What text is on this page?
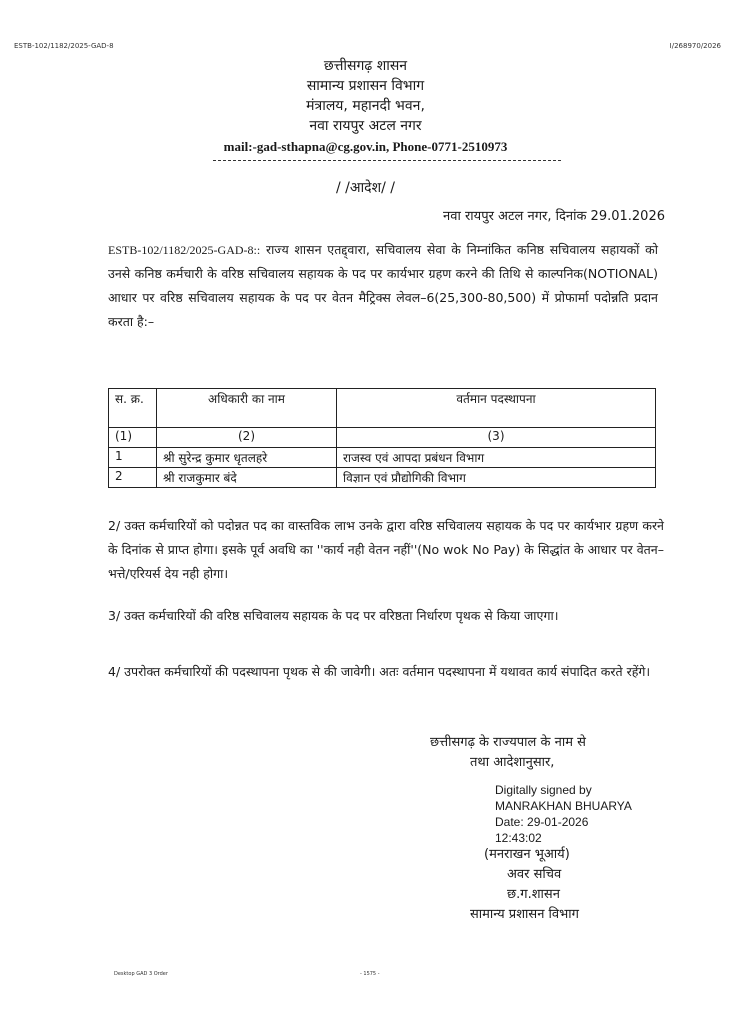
ESTB-102/1182/2025-GAD-8	I/268970/2026
छत्तीसगढ़ शासन
सामान्य प्रशासन विभाग
मंत्रालय, महानदी भवन,
नवा रायपुर अटल नगर
mail:-gad-sthapna@cg.gov.in, Phone-0771-2510973
/ /आदेश/ /
नवा रायपुर अटल नगर, दिनांक 29.01.2026
ESTB-102/1182/2025-GAD-8:: राज्य शासन एतद्द्वारा, सचिवालय सेवा के निम्नांकित कनिष्ठ सचिवालय सहायकों को उनसे कनिष्ठ कर्मचारी के वरिष्ठ सचिवालय सहायक के पद पर कार्यभार ग्रहण करने की तिथि से काल्पनिक(NOTIONAL) आधार पर वरिष्ठ सचिवालय सहायक के पद पर वेतन मैट्रिक्स लेवल–6(25,300-80,500) में प्रोफार्मा पदोन्नति प्रदान करता है:–
स. क्र.	अधिकारी का नाम	वर्तमान पदस्थापना
(1)	(2)	(3)
1	श्री सुरेन्द्र कुमार धृतलहरे	राजस्व एवं आपदा प्रबंधन विभाग
2	श्री राजकुमार बंदे	विज्ञान एवं प्रौद्योगिकी विभाग
2/ उक्त कर्मचारियों को पदोन्नत पद का वास्तविक लाभ उनके द्वारा वरिष्ठ सचिवालय सहायक के पद पर कार्यभार ग्रहण करने के दिनांक से प्राप्त होगा। इसके पूर्व अवधि का ''कार्य नही वेतन नहीं''(No wok No Pay) के सिद्धांत के आधार पर वेतन–भत्ते/एरियर्स देय नही होगा।
3/ उक्त कर्मचारियों की वरिष्ठ सचिवालय सहायक के पद पर वरिष्ठता निर्धारण पृथक से किया जाएगा।
4/ उपरोक्त कर्मचारियों की पदस्थापना पृथक से की जावेगी। अतः वर्तमान पदस्थापना में यथावत कार्य संपादित करते रहेंगे।
छत्तीसगढ़ के राज्यपाल के नाम से
तथा आदेशानुसार,
Digitally signed by
MANRAKHAN BHUARYA
Date: 29-01-2026
12:43:02
(मनराखन भूआर्य)
अवर सचिव
छ.ग.शासन
सामान्य प्रशासन विभाग
Desktop GAD 3 Order	- 1575 -
